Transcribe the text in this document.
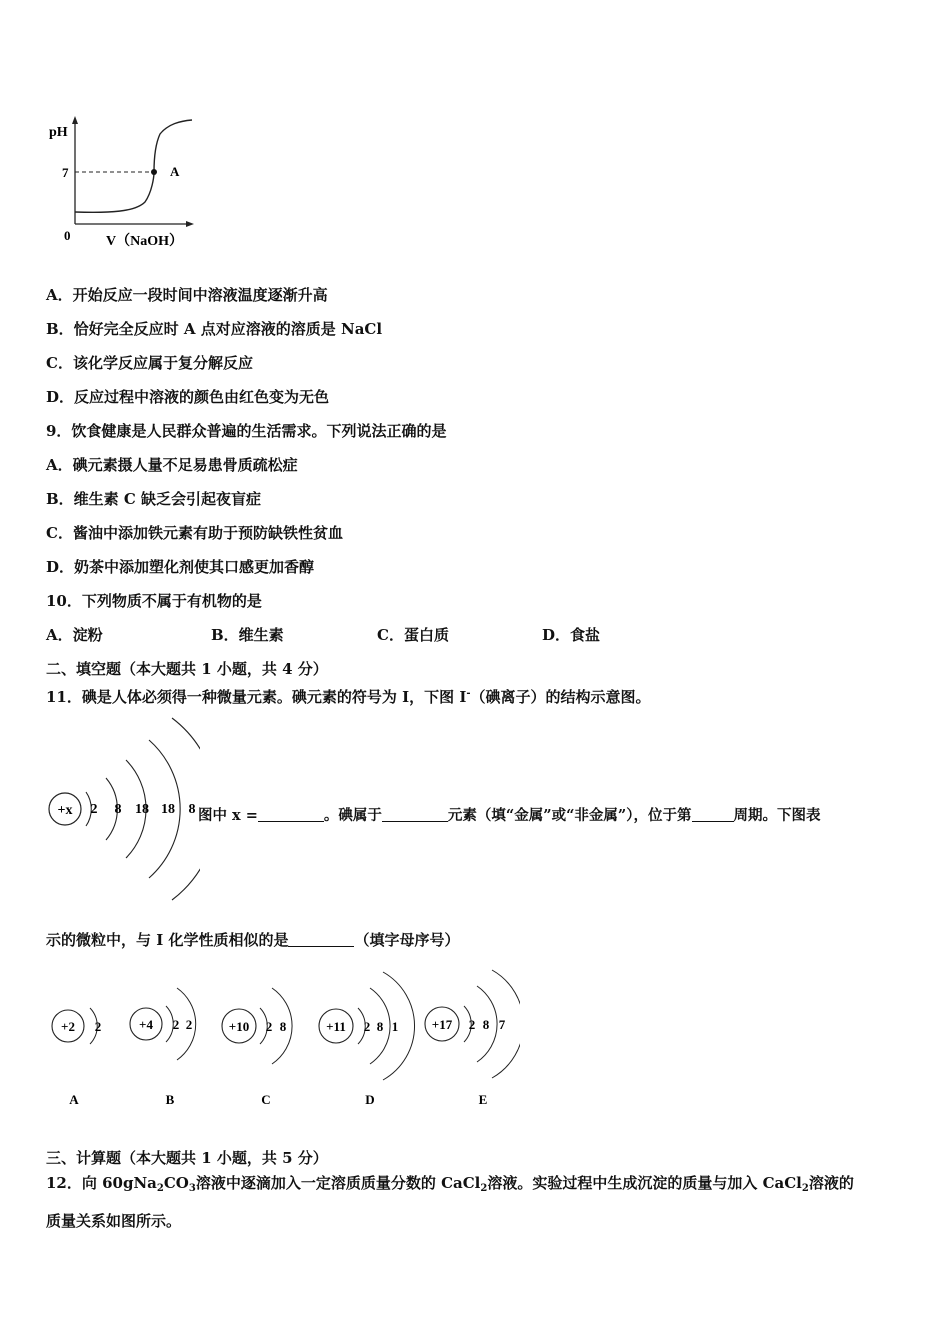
pH
7
0	V（NaOH）
A
A．开始反应一段时间中溶液温度逐渐升高
B．恰好完全反应时 A 点对应溶液的溶质是 NaCl
C．该化学反应属于复分解反应
D．反应过程中溶液的颜色由红色变为无色
9．饮食健康是人民群众普遍的生活需求。下列说法正确的是
A．碘元素摄人量不足易患骨质疏松症
B．维生素 C 缺乏会引起夜盲症
C．酱油中添加铁元素有助于预防缺铁性贫血
D．奶茶中添加塑化剂使其口感更加香醇
10．下列物质不属于有机物的是
A．淀粉	B．维生素	C．蛋白质	D．食盐
二、填空题（本大题共 1 小题，共 4 分）
11．碘是人体必须得一种微量元素。碘元素的符号为 I，下图 I-（碘离子）的结构示意图。
+x 2 8 18 18 8 图中 x =	。碘属于	元素（填“金属”或“非金属”），位于第	周期。下图表
示的微粒中，与 I 化学性质相似的是	（填字母序号）
+2 2
A
+4 2 2
B
+10 2 8
C
+11 2 8 1
D
+17 2 8 7
E
三、计算题（本大题共 1 小题，共 5 分）
12．向 $60gNa_2CO_3$溶液中逐滴加入一定溶质质量分数的 CaCl$_2$溶液。实验过程中生成沉淀的质量与加入 CaCl$_2$溶液的
质量关系如图所示。
